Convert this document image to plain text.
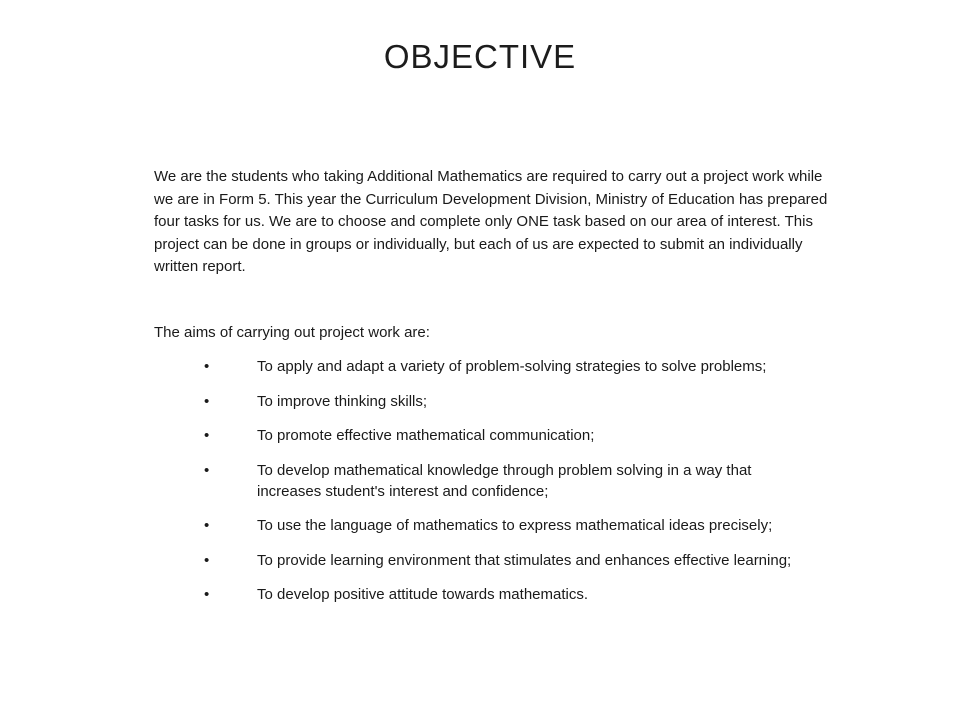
OBJECTIVE

We are the students who taking Additional Mathematics are required to carry out a project work while we are in Form 5. This year the Curriculum Development Division, Ministry of Education has prepared four tasks for us. We are to choose and complete only ONE task based on our area of interest. This project can be done in groups or individually, but each of us are expected to submit an individually written report.

The aims of carrying out project work are:

•	To apply and adapt a variety of problem-solving strategies to solve problems;
•	To improve thinking skills;
•	To promote effective mathematical communication;
•	To develop mathematical knowledge through problem solving in a way that increases student's interest and confidence;
•	To use the language of mathematics to express mathematical ideas precisely;
•	To provide learning environment that stimulates and enhances effective learning;
•	To develop positive attitude towards mathematics.
